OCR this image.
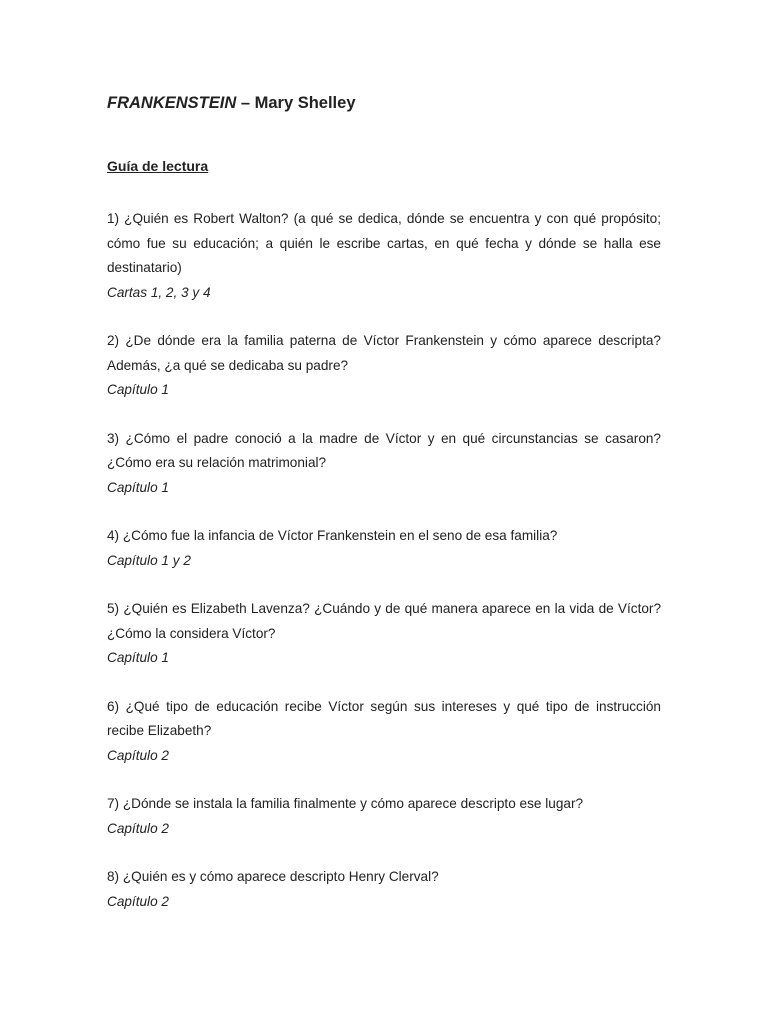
FRANKENSTEIN – Mary Shelley
Guía de lectura

1) ¿Quién es Robert Walton? (a qué se dedica, dónde se encuentra y con qué propósito; cómo fue su educación; a quién le escribe cartas, en qué fecha y dónde se halla ese destinatario)

Cartas 1, 2, 3 y 4

2) ¿De dónde era la familia paterna de Víctor Frankenstein y cómo aparece descripta? Además, ¿a qué se dedicaba su padre?

Capítulo 1

3) ¿Cómo el padre conoció a la madre de Víctor y en qué circunstancias se casaron? ¿Cómo era su relación matrimonial?

Capítulo 1

4) ¿Cómo fue la infancia de Víctor Frankenstein en el seno de esa familia?

Capítulo 1 y 2

5) ¿Quién es Elizabeth Lavenza? ¿Cuándo y de qué manera aparece en la vida de Víctor? ¿Cómo la considera Víctor?

Capítulo 1

6) ¿Qué tipo de educación recibe Víctor según sus intereses y qué tipo de instrucción recibe Elizabeth?

Capítulo 2

7) ¿Dónde se instala la familia finalmente y cómo aparece descripto ese lugar?

Capítulo 2

8) ¿Quién es y cómo aparece descripto Henry Clerval?

Capítulo 2
